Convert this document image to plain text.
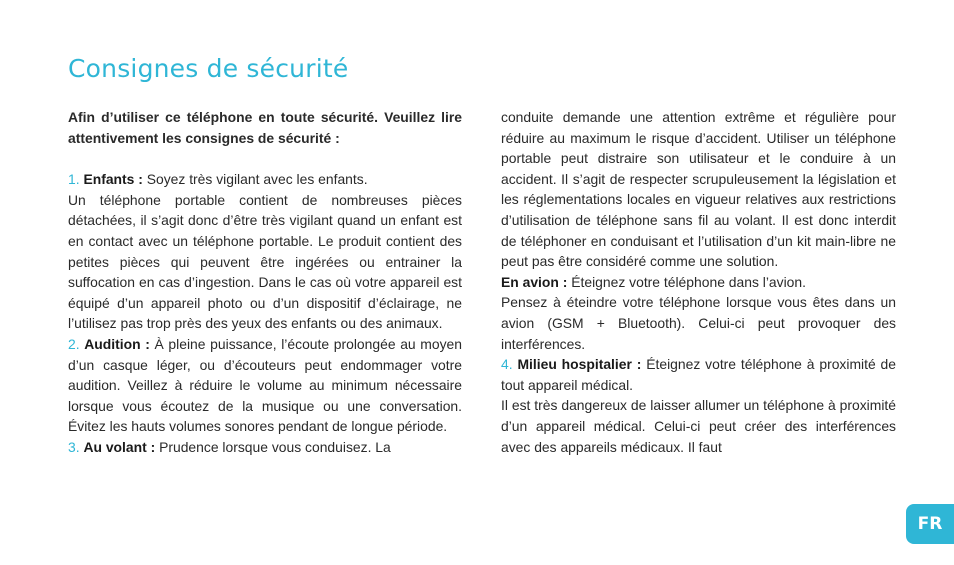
Consignes de sécurité

Afin d’utiliser ce téléphone en toute sécurité. Veuillez lire attentivement les consignes de sécurité :

1. Enfants : Soyez très vigilant avec les enfants.

Un téléphone portable contient de nombreuses pièces détachées, il s’agit donc d’être très vigilant quand un enfant est en contact avec un téléphone portable. Le produit contient des petites pièces qui peuvent être ingérées ou entrainer la suffocation en cas d’ingestion. Dans le cas où votre appareil est équipé d’un appareil photo ou d’un dispositif d’éclairage, ne l’utilisez pas trop près des yeux des enfants ou des animaux.

2. Audition : À pleine puissance, l’écoute prolongée au moyen d’un casque léger, ou d’écouteurs peut endommager votre audition. Veillez à réduire le volume au minimum nécessaire lorsque vous écoutez de la musique ou une conversation. Évitez les hauts volumes sonores pendant de longue période.

3. Au volant : Prudence lorsque vous conduisez. La

conduite demande une attention extrême et régulière pour réduire au maximum le risque d’accident. Utiliser un téléphone portable peut distraire son utilisateur et le conduire à un accident. Il s’agit de respecter scrupuleusement la législation et les réglementations locales en vigueur relatives aux restrictions d’utilisation de téléphone sans fil au volant. Il est donc interdit de téléphoner en conduisant et l’utilisation d’un kit main-libre ne peut pas être considéré comme une solution.

En avion : Éteignez votre téléphone dans l’avion.

Pensez à éteindre votre téléphone lorsque vous êtes dans un avion (GSM + Bluetooth). Celui-ci peut provoquer des interférences.

4. Milieu hospitalier : Éteignez votre téléphone à proximité de tout appareil médical.

Il est très dangereux de laisser allumer un téléphone à proximité d’un appareil médical. Celui-ci peut créer des interférences avec des appareils médicaux. Il faut

FR
